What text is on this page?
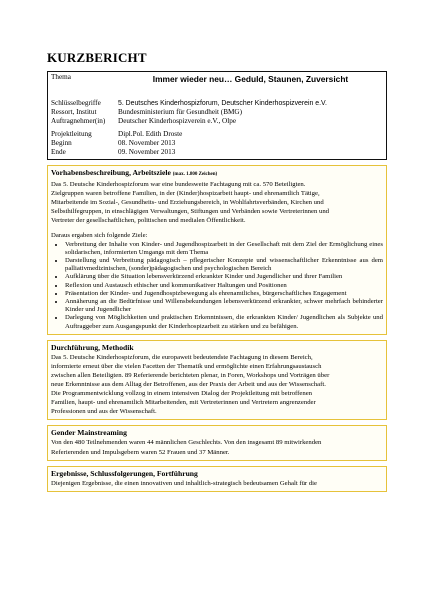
KURZBERICHT
Thema	Immer wieder neu… Geduld, Staunen, Zuversicht
Schlüsselbegriffe	5. Deutsches Kinderhospizforum, Deutscher Kinderhospizverein e.V.
Ressort, Institut	Bundesministerium für Gesundheit (BMG)
Auftragnehmer(in)	Deutscher Kinderhospizverein e.V., Olpe
Projektleitung	Dipl.Pol. Edith Droste
Beginn	08. November 2013
Ende	09. November 2013
Vorhabensbeschreibung, Arbeitsziele (max. 1.800 Zeichen)

Das 5. Deutsche Kinderhospizforum war eine bundesweite Fachtagung mit ca. 570 Beteiligten.

Zielgruppen waren betroffene Familien, in der (Kinder)hospizarbeit haupt- und ehrenamtlich Tätige,

Mitarbeitende im Sozial-, Gesundheits- und Erziehungsbereich, in Wohlfahrtsverbänden, Kirchen und

Selbsthilfegruppen, in einschlägigen Verwaltungen, Stiftungen und Verbänden sowie Vertreterinnen und

Vertreter der gesellschaftlichen, politischen und medialen Öffentlichkeit.

Daraus ergaben sich folgende Ziele:

• Verbreitung der Inhalte von Kinder- und Jugendhospizarbeit in der Gesellschaft mit dem Ziel der Ermöglichung eines solidarischen, informierten Umgangs mit dem Thema
• Darstellung und Verbreitung pädagogisch – pflegerischer Konzepte und wissenschaftlicher Erkenntnisse aus dem palliativmedizinischen, (sonder)pädagogischen und psychologischen Bereich
• Aufklärung über die Situation lebensverkürzend erkrankter Kinder und Jugendlicher und ihrer Familien
• Reflexion und Austausch ethischer und kommunikativer Haltungen und Positionen
• Präsentation der Kinder- und Jugendhospizbewegung als ehrenamtliches, bürgerschaftliches Engagement
• Annäherung an die Bedürfnisse und Willensbekundungen lebensverkürzend erkrankter, schwer mehrfach behinderter Kinder und Jugendlicher
• Darlegung von Möglichkeiten und praktischen Erkenntnissen, die erkrankten Kinder/ Jugendlichen als Subjekte und Auftraggeber zum Ausgangspunkt der Kinderhospizarbeit zu stärken und zu befähigen.
Durchführung, Methodik

Das 5. Deutsche Kinderhospizforum, die europaweit bedeutendste Fachtagung in diesem Bereich,

informierte erneut über die vielen Facetten der Thematik und ermöglichte einen Erfahrungsaustausch

zwischen allen Beteiligten. 89 Referierende berichteten plenar, in Foren, Workshops und Vorträgen über

neue Erkenntnisse aus dem Alltag der Betroffenen, aus der Praxis der Arbeit und aus der Wissenschaft.

Die Programmentwicklung vollzog in einem intensiven Dialog der Projektleitung mit betroffenen

Familien, haupt- und ehrenamtlich Mitarbeitenden, mit Vertreterinnen und Vertretern angrenzender

Professionen und aus der Wissenschaft.

Gender Mainstreaming

Von den 480 Teilnehmenden waren 44 männlichen Geschlechts. Von den insgesamt 89 mitwirkenden

Referierenden und Impulsgebern waren 52 Frauen und 37 Männer.

Ergebnisse, Schlussfolgerungen, Fortführung

Diejenigen Ergebnisse, die einen innovativen und inhaltlich-strategisch bedeutsamen Gehalt für die
